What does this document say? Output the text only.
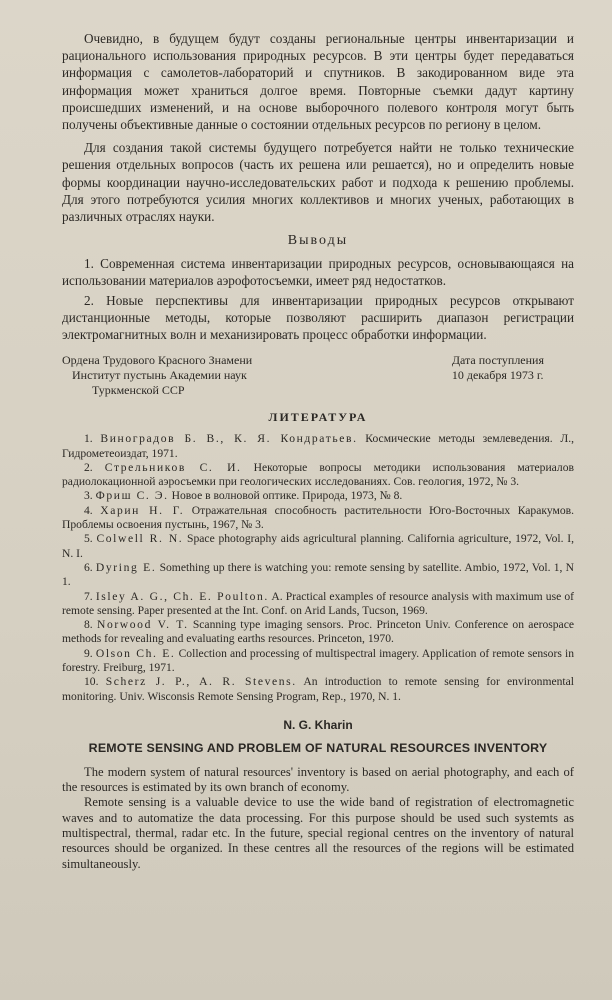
Очевидно, в будущем будут созданы региональные центры инвентаризации и рационального использования природных ресурсов. В эти центры будет передаваться информация с самолетов-лабораторий и спутников. В закодированном виде эта информация может храниться долгое время. Повторные съемки дадут картину происшедших изменений, и на основе выборочного полевого контроля могут быть получены объективные данные о состоянии отдельных ресурсов по региону в целом.

Для создания такой системы будущего потребуется найти не только технические решения отдельных вопросов (часть их решена или решается), но и определить новые формы координации научно-исследовательских работ и подхода к решению проблемы. Для этого потребуются усилия многих коллективов и многих ученых, работающих в различных отраслях науки.

Выводы

1. Современная система инвентаризации природных ресурсов, основывающаяся на использовании материалов аэрофотосъемки, имеет ряд недостатков.

2. Новые перспективы для инвентаризации природных ресурсов открывают дистанционные методы, которые позволяют расширить диапазон регистрации электромагнитных волн и механизировать процесс обработки информации.

Ордена Трудового Красного Знамени
Институт пустынь Академии наук
Туркменской ССР
Дата поступления
10 декабря 1973 г.
ЛИТЕРАТУРА

1. Виноградов Б. В., К. Я. Кондратьев. Космические методы землеведения. Л., Гидрометеоиздат, 1971.

2. Стрельников С. И. Некоторые вопросы методики использования материалов радиолокационной аэросъемки при геологических исследованиях. Сов. геология, 1972, № 3.

3. Фриш С. Э. Новое в волновой оптике. Природа, 1973, № 8.

4. Харин Н. Г. Отражательная способность растительности Юго-Восточных Каракумов. Проблемы освоения пустынь, 1967, № 3.

5. Colwell R. N. Space photography aids agricultural planning. California agriculture, 1972, Vol. I, N. I.

6. Dyring E. Something up there is watching you: remote sensing by satellite. Ambio, 1972, Vol. 1, N 1.

7. Isley A. G., Ch. E. Poulton. A. Practical examples of resource analysis with maximum use of remote sensing. Paper presented at the Int. Conf. on Arid Lands, Tucson, 1969.

8. Norwood V. T. Scanning type imaging sensors. Proc. Princeton Univ. Conference on aerospace methods for revealing and evaluating earths resources. Princeton, 1970.

9. Olson Ch. E. Collection and processing of multispectral imagery. Application of remote sensors in forestry. Freiburg, 1971.

10. Scherz J. P., A. R. Stevens. An introduction to remote sensing for environmental monitoring. Univ. Wisconsis Remote Sensing Program, Rep., 1970, N. 1.

N. G. Kharin
REMOTE SENSING AND PROBLEM OF NATURAL RESOURCES INVENTORY

The modern system of natural resources' inventory is based on aerial photography, and each of the resources is estimated by its own branch of economy.

Remote sensing is a valuable device to use the wide band of registration of electromagnetic waves and to automatize the data processing. For this purpose should be used such systemts as multispectral, thermal, radar etc. In the future, special regional centres on the inventory of natural resources should be organized. In these centres all the resources of the regions will be estimated simultaneously.
